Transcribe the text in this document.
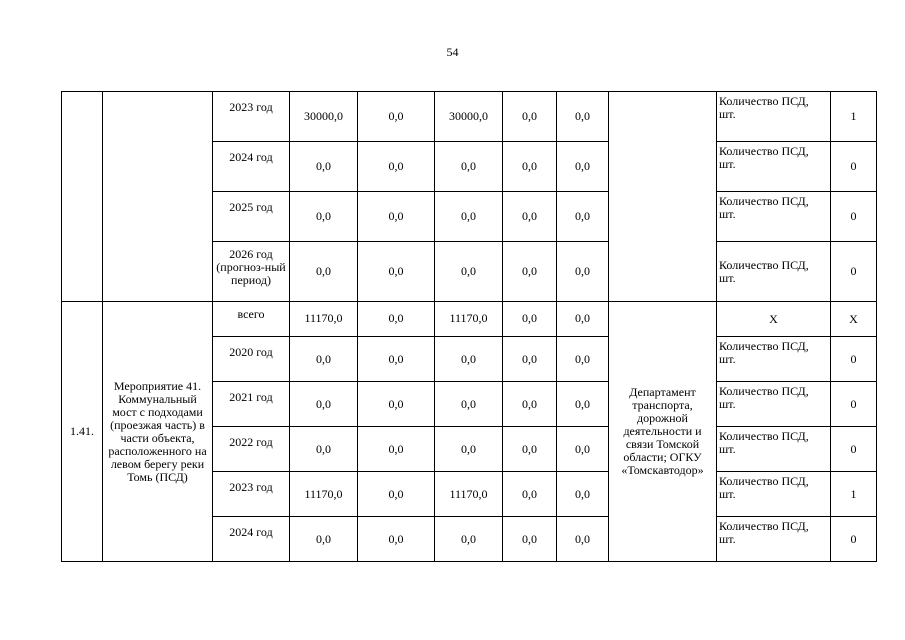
54
		2023 год	30000,0	0,0	30000,0	0,0	0,0		Количество ПСД, шт.	1
		2024 год	0,0	0,0	0,0	0,0	0,0		Количество ПСД, шт.	0
		2025 год	0,0	0,0	0,0	0,0	0,0		Количество ПСД, шт.	0
		2026 год (прогноз-ный период)	0,0	0,0	0,0	0,0	0,0		Количество ПСД, шт.	0
1.41.	Мероприятие 41. Коммунальный мост с подходами (проезжая часть) в части объекта, расположенного на левом берегу реки Томь (ПСД)	всего	11170,0	0,0	11170,0	0,0	0,0	Департамент транспорта, дорожной деятельности и связи Томской области; ОГКУ «Томскавтодор»	Х	Х
		2020 год	0,0	0,0	0,0	0,0	0,0		Количество ПСД, шт.	0
		2021 год	0,0	0,0	0,0	0,0	0,0		Количество ПСД, шт.	0
		2022 год	0,0	0,0	0,0	0,0	0,0		Количество ПСД, шт.	0
		2023 год	11170,0	0,0	11170,0	0,0	0,0		Количество ПСД, шт.	1
		2024 год	0,0	0,0	0,0	0,0	0,0		Количество ПСД, шт.	0
